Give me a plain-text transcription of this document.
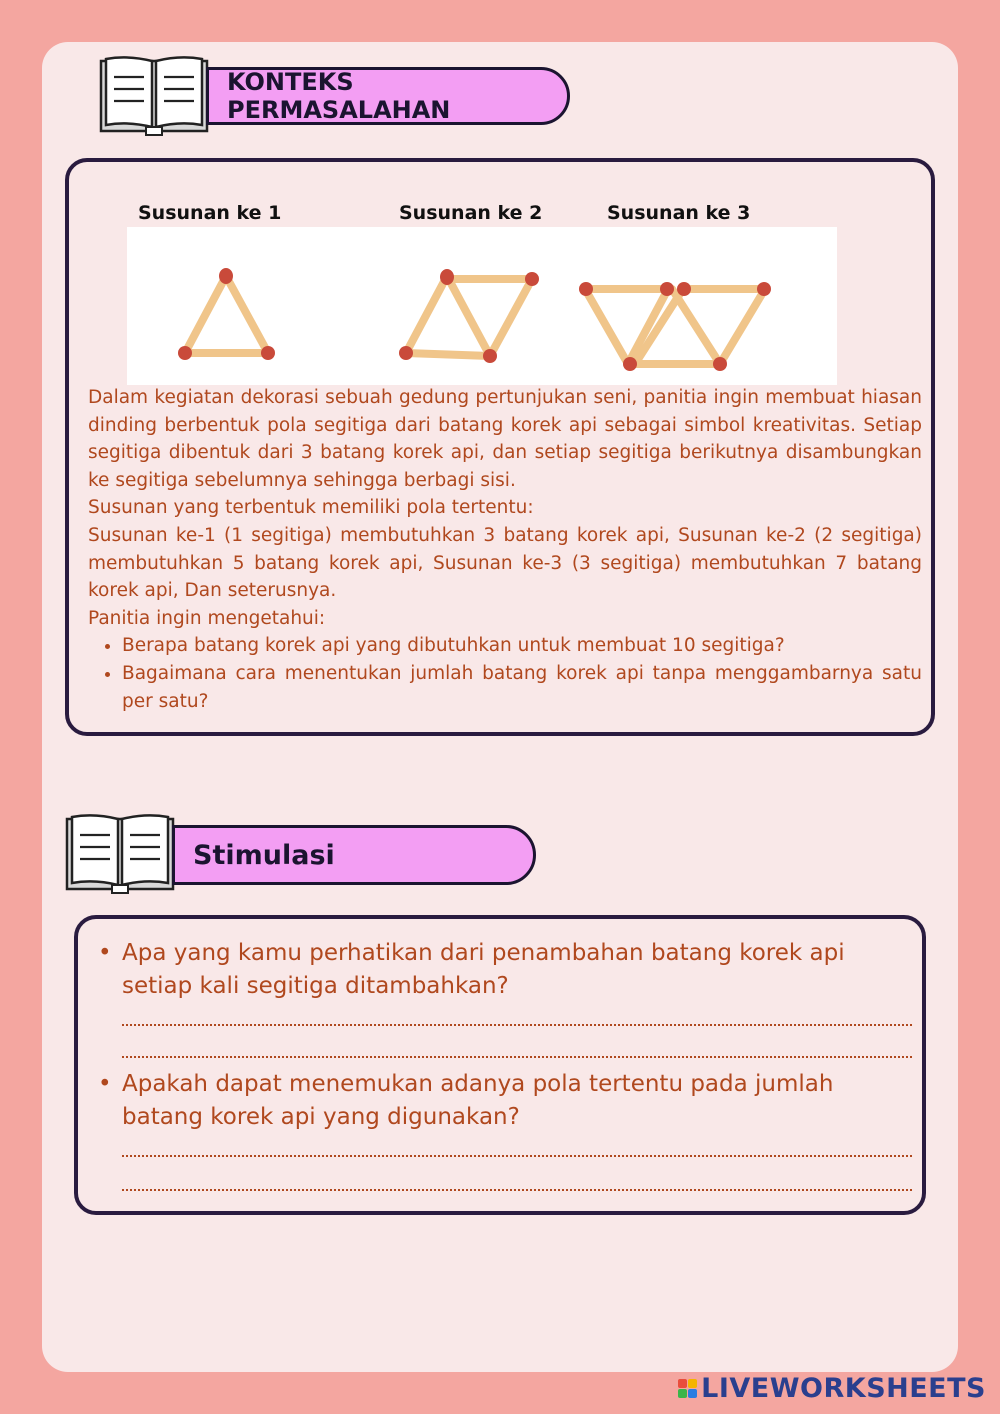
KONTEKS PERMASALAHAN
Susunan ke 1	Susunan ke 2	Susunan ke 3

Dalam kegiatan dekorasi sebuah gedung pertunjukan seni, panitia ingin membuat hiasan dinding berbentuk pola segitiga dari batang korek api sebagai simbol kreativitas. Setiap segitiga dibentuk dari 3 batang korek api, dan setiap segitiga berikutnya disambungkan ke segitiga sebelumnya sehingga berbagi sisi.

Susunan yang terbentuk memiliki pola tertentu:

Susunan ke-1 (1 segitiga) membutuhkan 3 batang korek api, Susunan ke-2 (2 segitiga) membutuhkan 5 batang korek api, Susunan ke-3 (3 segitiga) membutuhkan 7 batang korek api, Dan seterusnya.

Panitia ingin mengetahui:

• Berapa batang korek api yang dibutuhkan untuk membuat 10 segitiga?
• Bagaimana cara menentukan jumlah batang korek api tanpa menggambarnya satu per satu?
Stimulasi
• Apa yang kamu perhatikan dari penambahan batang korek api setiap kali segitiga ditambahkan?
• Apakah dapat menemukan adanya pola tertentu pada jumlah batang korek api yang digunakan?
LIVEWORKSHEETS
